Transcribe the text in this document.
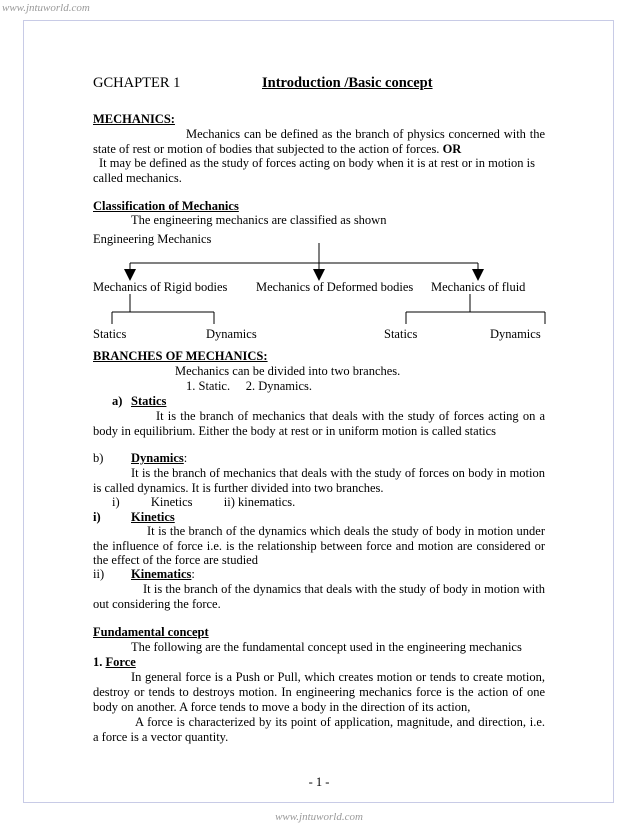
www.jntuworld.com
GCHAPTER 1	Introduction /Basic concept
MECHANICS:
Mechanics can be defined as the branch of physics concerned with the
state of rest or motion of bodies that subjected to the action of forces. OR
It may be defined as the study of forces acting on body when it is at rest or in motion is
called mechanics.
Classification of Mechanics
The engineering mechanics are classified as shown
Engineering Mechanics
Mechanics of Rigid bodies Mechanics of Deformed bodies Mechanics of fluid
Statics	Dynamics	Statics	Dynamics
BRANCHES OF MECHANICS:
Mechanics can be divided into two branches.
1. Static.     2. Dynamics.
a) Statics
It is the branch of mechanics that deals with the study of forces acting on a
body in equilibrium. Either the body at rest or in uniform motion is called statics
b) Dynamics:
It is the branch of mechanics that deals with the study of forces on body in motion
is called dynamics. It is further divided into two branches.
i)          Kinetics          ii) kinematics.
i) Kinetics
It is the branch of the dynamics which deals the study of body in motion under
the influence of force i.e. is the relationship between force and motion are considered or
the effect of the force are studied
ii) Kinematics:
It is the branch of the dynamics that deals with the study of body in motion with
out considering the force.
Fundamental concept
The following are the fundamental concept used in the engineering mechanics
1. Force
In general force is a Push or Pull, which creates motion or tends to create motion,
destroy or tends to destroys motion. In engineering mechanics force is the action of one
body on another. A force tends to move a body in the direction of its action,
A force is characterized by its point of application, magnitude, and direction, i.e.
a force is a vector quantity.
- 1 -
www.jntuworld.com
